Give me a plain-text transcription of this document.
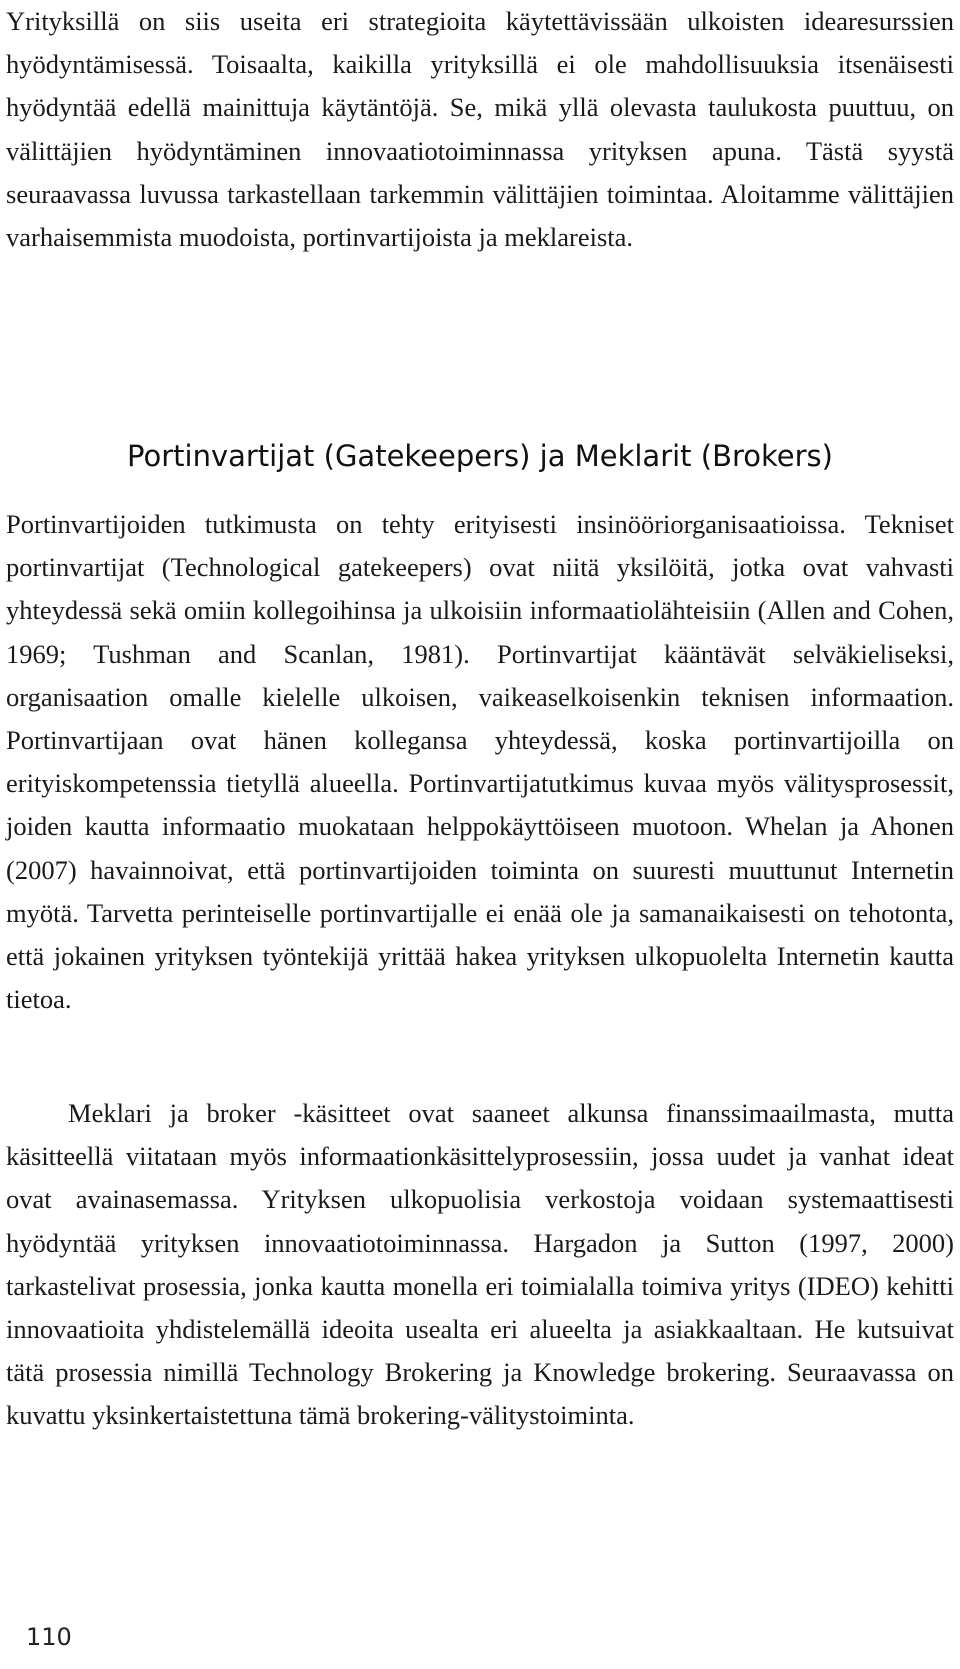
Yrityksillä on siis useita eri strategioita käytettävissään ulkoisten idearesurssien hyödyntämisessä. Toisaalta, kaikilla yrityksillä ei ole mahdollisuuksia itsenäisesti hyödyntää edellä mainittuja käytäntöjä. Se, mikä yllä olevasta taulukosta puuttuu, on välittäjien hyödyntäminen innovaatiotoiminnassa yrityksen apuna. Tästä syystä seuraavassa luvussa tarkastellaan tarkemmin välittäjien toimintaa. Aloitamme välittäjien varhaisemmista muodoista, portinvartijoista ja meklareista.

Portinvartijat (Gatekeepers) ja Meklarit (Brokers)

Portinvartijoiden tutkimusta on tehty erityisesti insinööriorganisaatioissa. Tekniset portinvartijat (Technological gatekeepers) ovat niitä yksilöitä, jotka ovat vahvasti yhteydessä sekä omiin kollegoihinsa ja ulkoisiin informaatiolähteisiin (Allen and Cohen, 1969; Tushman and Scanlan, 1981). Portinvartijat kääntävät selväkieliseksi, organisaation omalle kielelle ulkoisen, vaikeaselkoisenkin teknisen informaation. Portinvartijaan ovat hänen kollegansa yhteydessä, koska portinvartijoilla on erityiskompetenssia tietyllä alueella. Portinvartijatutkimus kuvaa myös välitysprosessit, joiden kautta informaatio muokataan helppokäyttöiseen muotoon. Whelan ja Ahonen (2007) havainnoivat, että portinvartijoiden toiminta on suuresti muuttunut Internetin myötä. Tarvetta perinteiselle portinvartijalle ei enää ole ja samanaikaisesti on tehotonta, että jokainen yrityksen työntekijä yrittää hakea yrityksen ulkopuolelta Internetin kautta tietoa.

Meklari ja broker -käsitteet ovat saaneet alkunsa finanssimaailmasta, mutta käsitteellä viitataan myös informaationkäsittelyprosessiin, jossa uudet ja vanhat ideat ovat avainasemassa. Yrityksen ulkopuolisia verkostoja voidaan systemaattisesti hyödyntää yrityksen innovaatiotoiminnassa. Hargadon ja Sutton (1997, 2000) tarkastelivat prosessia, jonka kautta monella eri toimialalla toimiva yritys (IDEO) kehitti innovaatioita yhdistelemällä ideoita usealta eri alueelta ja asiakkaaltaan. He kutsuivat tätä prosessia nimillä Technology Brokering ja Knowledge brokering. Seuraavassa on kuvattu yksinkertaistettuna tämä brokering-välitystoiminta.

110
